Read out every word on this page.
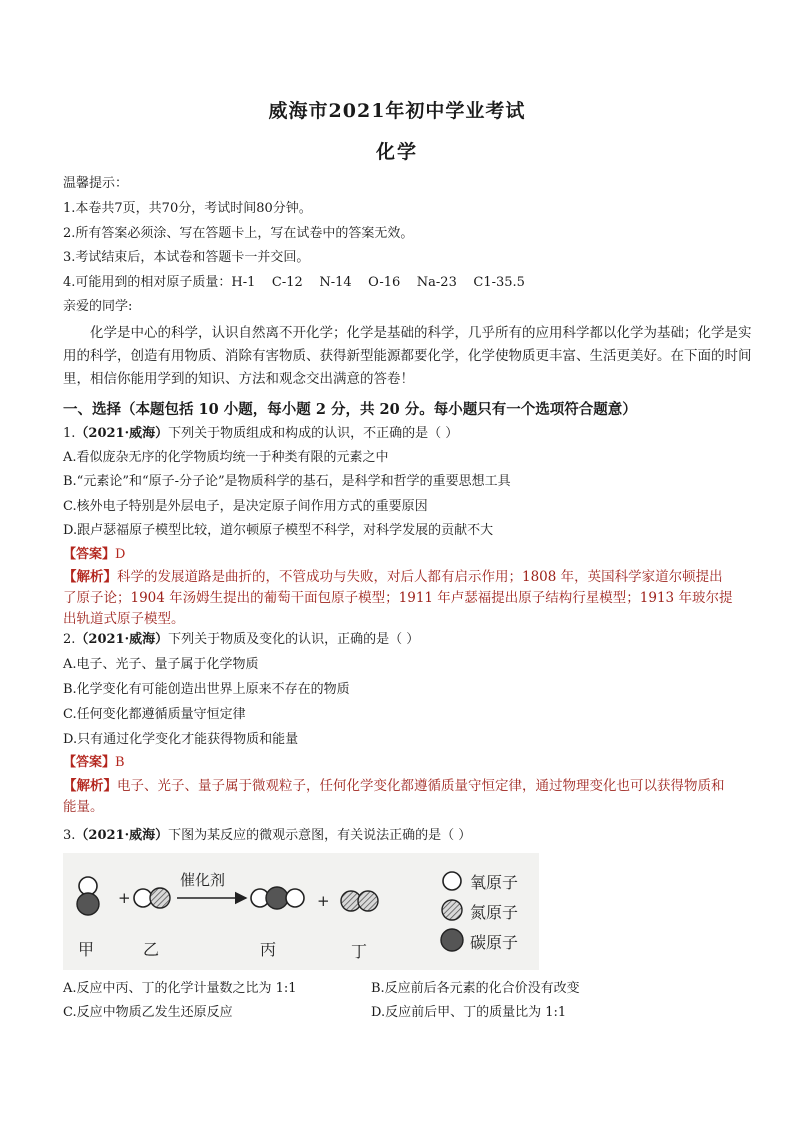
威海市2021年初中学业考试
化学
温馨提示：
1.本卷共7页，共70分，考试时间80分钟。
2.所有答案必须涂、写在答题卡上，写在试卷中的答案无效。
3.考试结束后，本试卷和答题卡一并交回。
4.可能用到的相对原子质量：H-1    C-12    N-14    O-16    Na-23    C1-35.5
亲爱的同学:
化学是中心的科学，认识自然离不开化学；化学是基础的科学，几乎所有的应用科学都以化学为基础；化学是实用的科学，创造有用物质、消除有害物质、获得新型能源都要化学，化学使物质更丰富、生活更美好。在下面的时间里，相信你能用学到的知识、方法和观念交出满意的答卷！
一、选择（本题包括 10 小题，每小题 2 分，共 20 分。每小题只有一个选项符合题意）
1.（2021·威海）下列关于物质组成和构成的认识，不正确的是（ ）
A.看似庞杂无序的化学物质均统一于种类有限的元素之中
B.“元素论”和“原子-分子论”是物质科学的基石，是科学和哲学的重要思想工具
C.核外电子特别是外层电子，是决定原子间作用方式的重要原因
D.跟卢瑟福原子模型比较，道尔顿原子模型不科学，对科学发展的贡献不大
【答案】D
【解析】科学的发展道路是曲折的，不管成功与失败，对后人都有启示作用；1808 年，英国科学家道尔顿提出了原子论；1904 年汤姆生提出的葡萄干面包原子模型；1911 年卢瑟福提出原子结构行星模型；1913 年玻尔提出轨道式原子模型。
2.（2021·威海）下列关于物质及变化的认识，正确的是（ ）
A.电子、光子、量子属于化学物质
B.化学变化有可能创造出世界上原来不存在的物质
C.任何变化都遵循质量守恒定律
D.只有通过化学变化才能获得物质和能量
【答案】B
【解析】电子、光子、量子属于微观粒子，任何化学变化都遵循质量守恒定律，通过物理变化也可以获得物质和能量。
3.（2021·威海）下图为某反应的微观示意图，有关说法正确的是（ ）
+	+
催化剂
甲	乙	丙	丁
氧原子
氮原子
碳原子
A.反应中丙、丁的化学计量数之比为 1:1	B.反应前后各元素的化合价没有改变
C.反应中物质乙发生还原反应	D.反应前后甲、丁的质量比为 1:1
